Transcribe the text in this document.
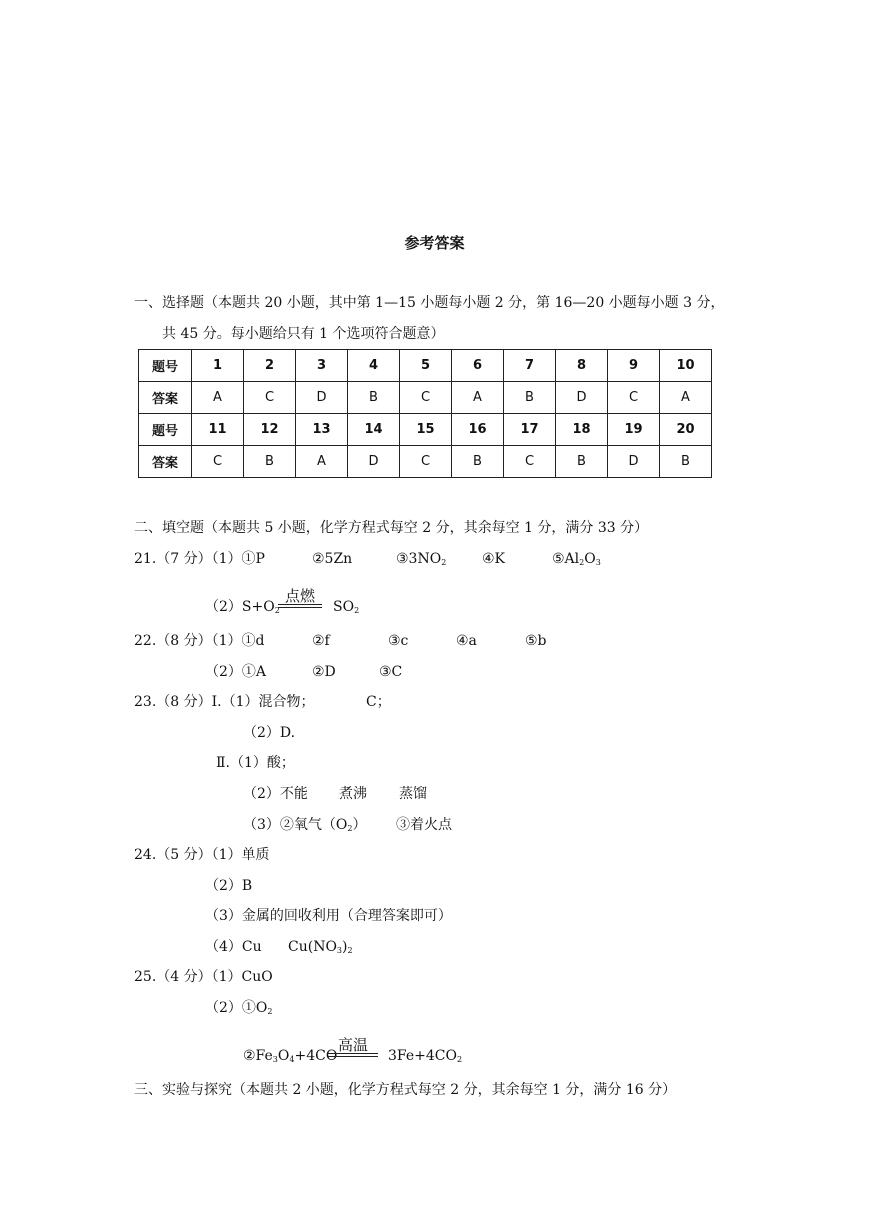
参考答案
一、选择题（本题共 20 小题，其中第 1—15 小题每小题 2 分，第 16—20 小题每小题 3 分，
共 45 分。每小题给只有 1 个选项符合题意）
题号	1	2	3	4	5	6	7	8	9	10
答案	A	C	D	B	C	A	B	D	C	A
题号	11	12	13	14	15	16	17	18	19	20
答案	C	B	A	D	C	B	C	B	D	B
二、填空题（本题共 5 小题，化学方程式每空 2 分，其余每空 1 分，满分 33 分）
21.（7 分）（1）①P	②5Zn	$③3NO_2$	④K	$⑤Al_2O_3$
$(2)S+O_2$
点燃
$SO_2$
22.（8 分）（1）①d	②f	③c	④a	⑤b
（2）①A	②D	③C
23.（8 分）Ⅰ.（1）混合物；	C；
（2）D.
Ⅱ.（1）酸；
（2）不能 煮沸 蒸馏
（3）②氧气$(O_2)$ ③着火点
24.（5 分）（1）单质
（2）B
（3）金属的回收利用（合理答案即可）
（4）Cu $Cu(NO_3)_2$
25.（4 分）（1）CuO
$(2)①O_2$
$②Fe_3O_4+4CO$
高温
$3Fe+4CO_2$
三、实验与探究（本题共 2 小题，化学方程式每空 2 分，其余每空 1 分，满分 16 分）
